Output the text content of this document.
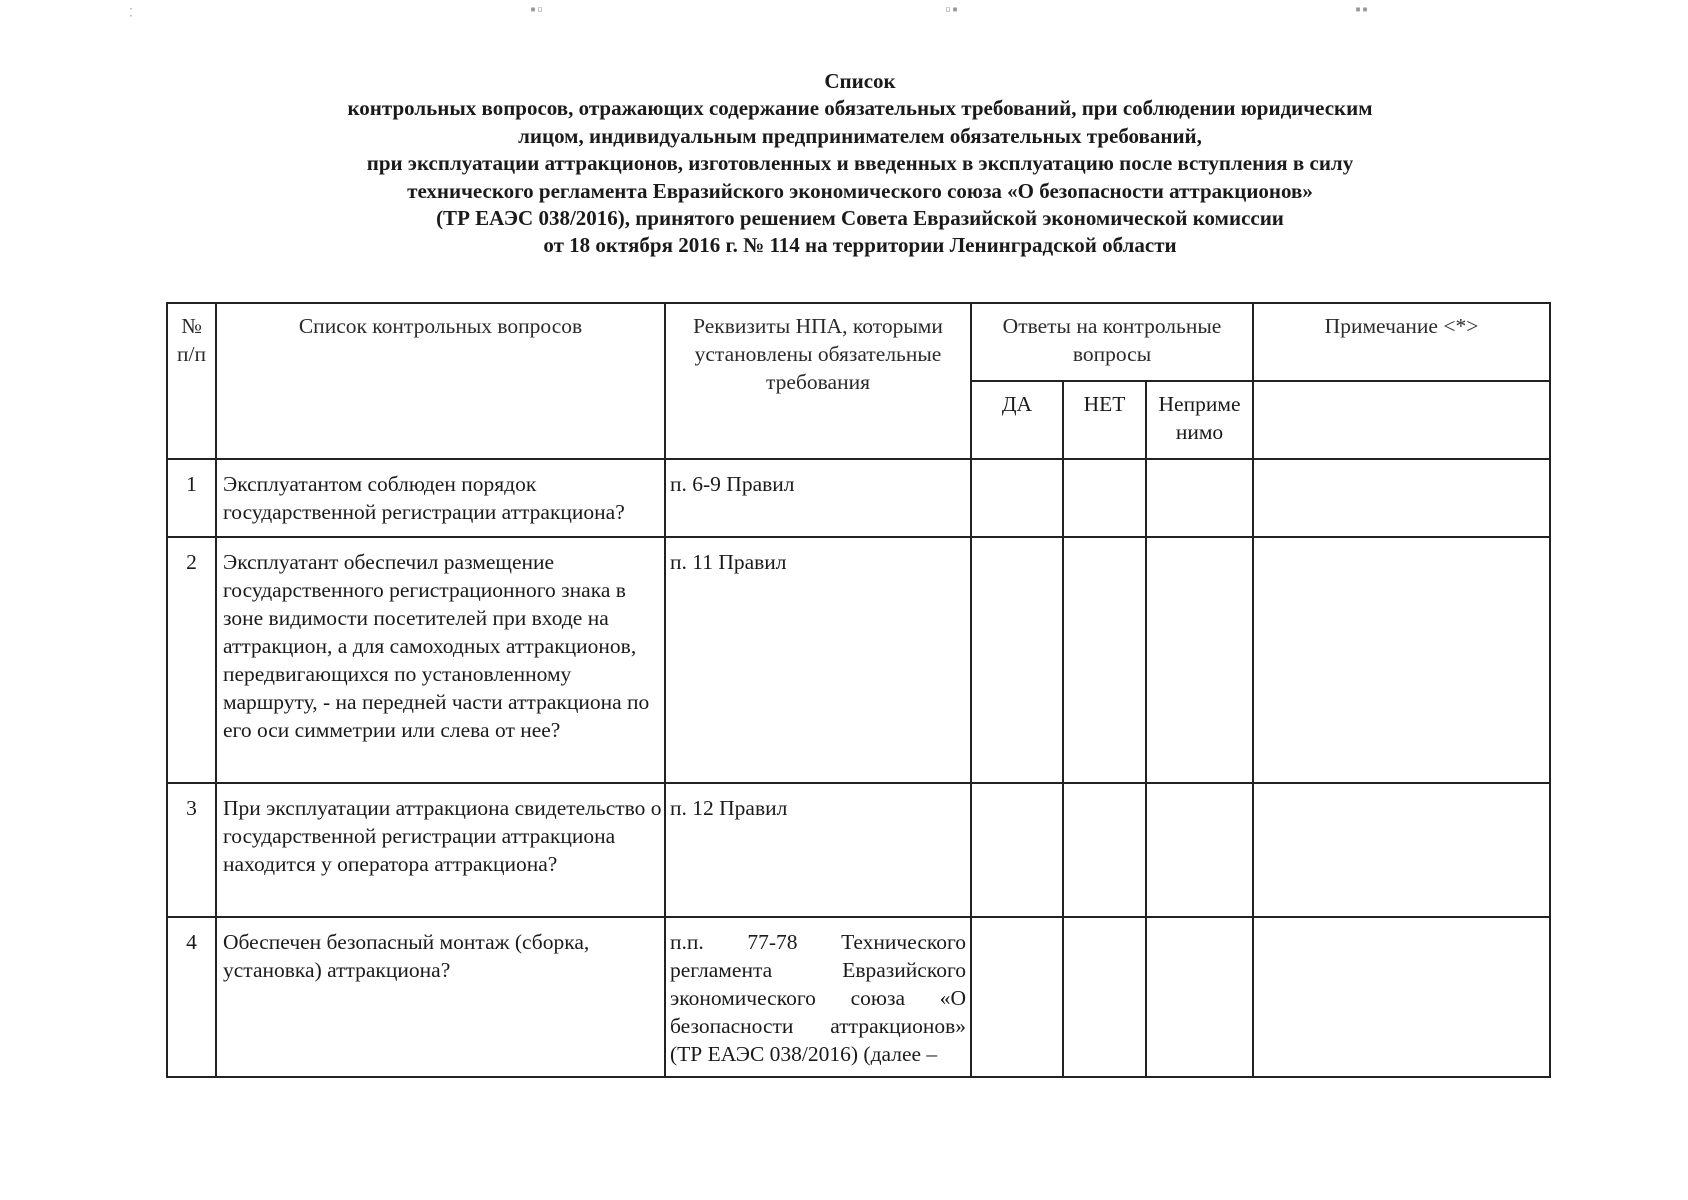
· ·
▪▫	▫▪	▪▪
Список
контрольных вопросов, отражающих содержание обязательных требований, при соблюдении юридическим
лицом, индивидуальным предпринимателем обязательных требований,
при эксплуатации аттракционов, изготовленных и введенных в эксплуатацию после вступления в силу
технического регламента Евразийского экономического союза «О безопасности аттракционов»
(ТР ЕАЭС 038/2016), принятого решением Совета Евразийской экономической комиссии
от 18 октября 2016 г. № 114 на территории Ленинградской области
№ п/п	Список контрольных вопросов	Реквизиты НПА, которыми установлены обязательные требования	Ответы на контрольные вопросы			Примечание <*>
			ДА	НЕТ	Неприме нимо	
1	Эксплуатантом соблюден порядок государственной регистрации аттракциона?	п. 6-9 Правил				
2	Эксплуатант обеспечил размещение государственного регистрационного знака в зоне видимости посетителей при входе на аттракцион, а для самоходных аттракционов, передвигающихся по установленному маршруту, - на передней части аттракциона по его оси симметрии или слева от нее?	п. 11 Правил				
3	При эксплуатации аттракциона свидетельство о государственной регистрации аттракциона находится у оператора аттракциона?	п. 12 Правил				
4	Обеспечен безопасный монтаж (сборка, установка) аттракциона?	п.п. 77-78 Технического регламента Евразийского экономического союза «О безопасности аттракционов» (ТР ЕАЭС 038/2016) (далее –				
